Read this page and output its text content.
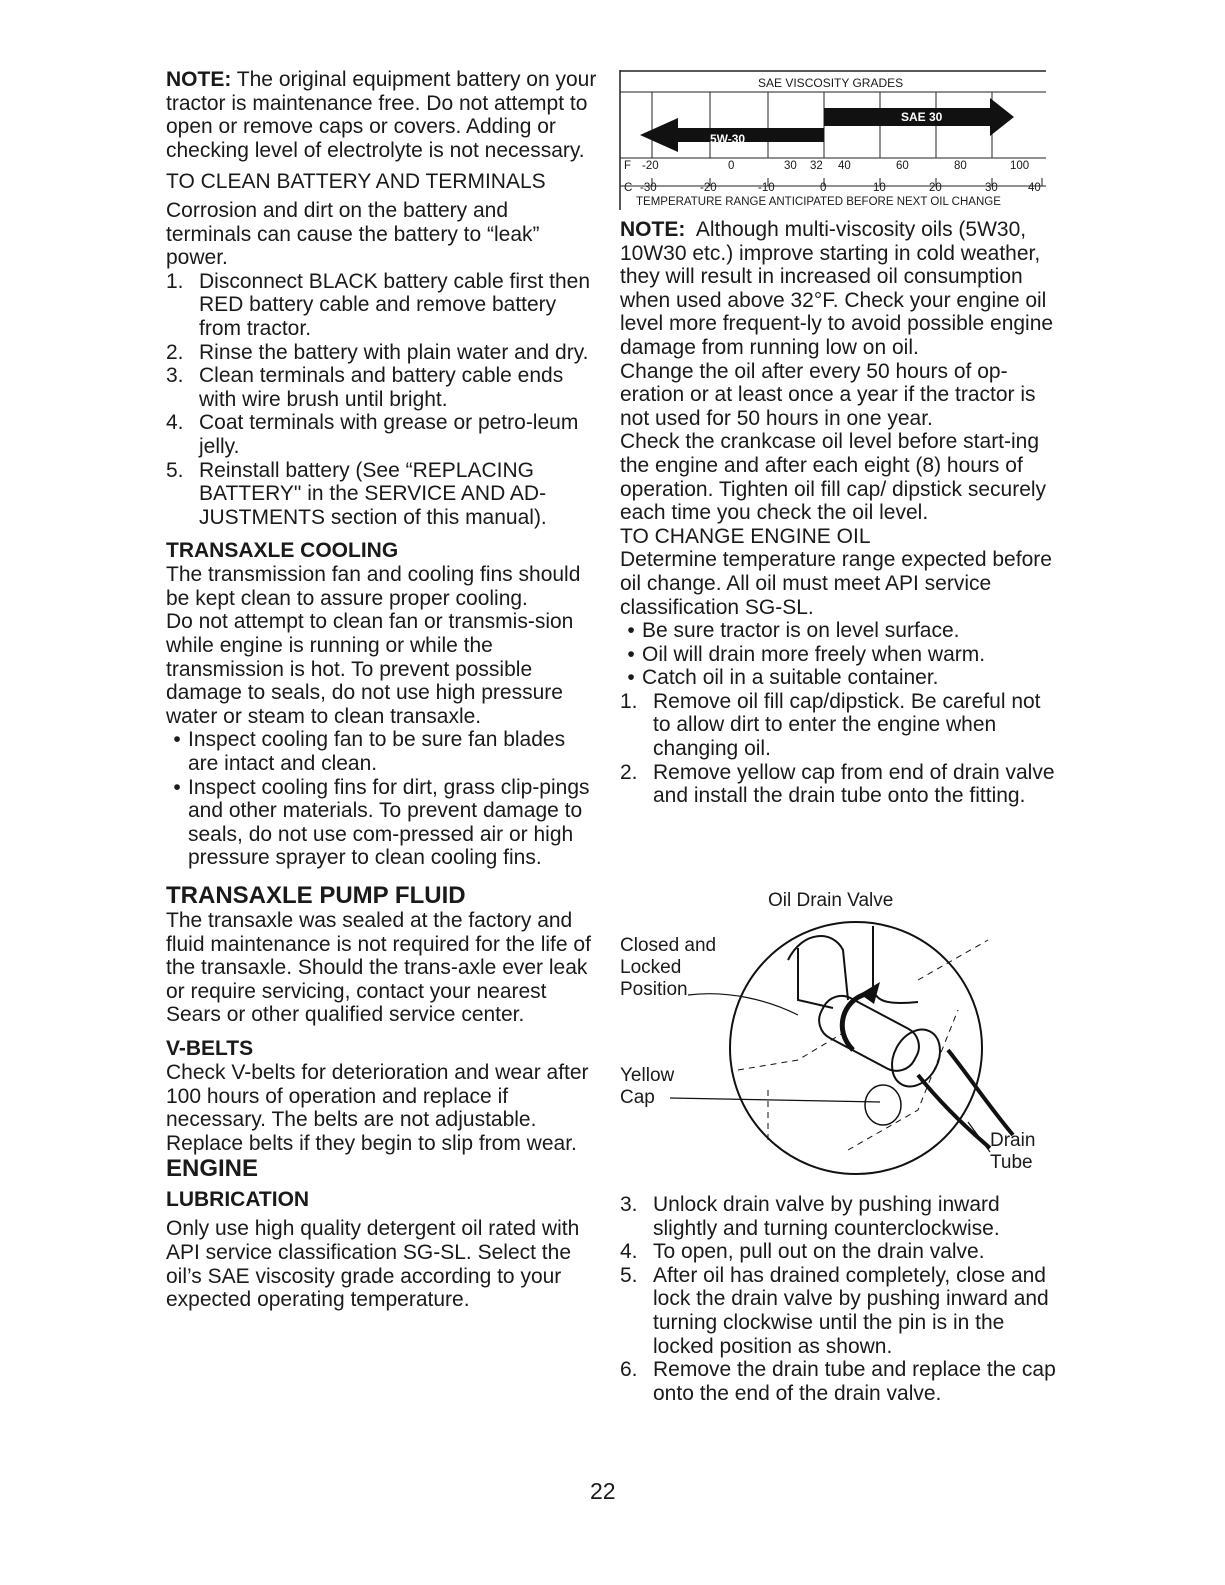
NOTE: The original equipment battery on your tractor is maintenance free. Do not attempt to open or remove caps or covers. Adding or checking level of electrolyte is not necessary.

TO CLEAN BATTERY AND TERMINALS

Corrosion and dirt on the battery and terminals can cause the battery to “leak” power.

1. Disconnect BLACK battery cable first then RED battery cable and remove battery from tractor.
2. Rinse the battery with plain water and dry.
3. Clean terminals and battery cable ends with wire brush until bright.
4. Coat terminals with grease or petro-leum jelly.
5. Reinstall battery (See “REPLACING BATTERY" in the SERVICE AND AD-JUSTMENTS section of this manual).

TRANSAXLE COOLING

The transmission fan and cooling fins should be kept clean to assure proper cooling.

Do not attempt to clean fan or transmis-sion while engine is running or while the transmission is hot. To prevent possible damage to seals, do not use high pressure water or steam to clean transaxle.

• Inspect cooling fan to be sure fan blades are intact and clean.
• Inspect cooling fins for dirt, grass clip-pings and other materials. To prevent damage to seals, do not use com-pressed air or high pressure sprayer to clean cooling fins.

TRANSAXLE PUMP FLUID

The transaxle was sealed at the factory and fluid maintenance is not required for the life of the transaxle. Should the trans-axle ever leak or require servicing, contact your nearest Sears or other qualified service center.

V-BELTS

Check V-belts for deterioration and wear after 100 hours of operation and replace if necessary. The belts are not adjustable. Replace belts if they begin to slip from wear.

ENGINE

LUBRICATION

Only use high quality detergent oil rated with API service classification SG-SL. Select the oil’s SAE viscosity grade according to your expected operating temperature.

SAE VISCOSITY GRADES
5W-30
SAE 30
F -20	0	30 32 40	60	80	100
C -30	-20	-10	0	10	20	30	40
TEMPERATURE RANGE ANTICIPATED BEFORE NEXT OIL CHANGE

NOTE: Although multi-viscosity oils (5W30, 10W30 etc.) improve starting in cold weather, they will result in increased oil consumption when used above 32°F. Check your engine oil level more frequent-ly to avoid possible engine damage from running low on oil.

Change the oil after every 50 hours of op-eration or at least once a year if the tractor is not used for 50 hours in one year.

Check the crankcase oil level before start-ing the engine and after each eight (8) hours of operation. Tighten oil fill cap/ dipstick securely each time you check the oil level.

TO CHANGE ENGINE OIL

Determine temperature range expected before oil change. All oil must meet API service classification SG-SL.

• Be sure tractor is on level surface.
• Oil will drain more freely when warm.
• Catch oil in a suitable container.
1. Remove oil fill cap/dipstick. Be careful not to allow dirt to enter the engine when changing oil.
2. Remove yellow cap from end of drain valve and install the drain tube onto the fitting.
Oil Drain Valve
Closed and
Locked
Position
Yellow
Cap
Drain
Tube
3. Unlock drain valve by pushing inward slightly and turning counterclockwise.
4. To open, pull out on the drain valve.
5. After oil has drained completely, close and lock the drain valve by pushing inward and turning clockwise until the pin is in the locked position as shown.
6. Remove the drain tube and replace the cap onto the end of the drain valve.
22
